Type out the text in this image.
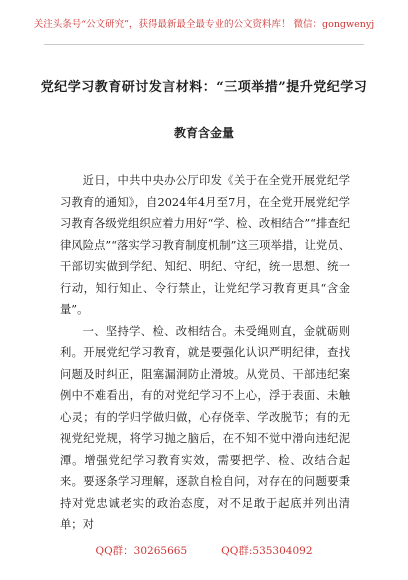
关注头条号“公文研究”，获得最新最全最专业的公文资料库！ 微信：gongwenyj
党纪学习教育研讨发言材料：“三项举措”提升党纪学习
教育含金量

近日，中共中央办公厅印发《关于在全党开展党纪学习教育的通知》，自2024年4月至7月，在全党开展党纪学习教育各级党组织应着力用好“学、检、改相结合”“排查纪律风险点”“落实学习教育制度机制”这三项举措，让党员、干部切实做到学纪、知纪、明纪、守纪，统一思想、统一行动，知行知止、令行禁止，让党纪学习教育更具“含金量”。

一、坚持学、检、改相结合。未受绳则直，金就砺则利。开展党纪学习教育，就是要强化认识严明纪律，查找问题及时纠正，阻塞漏洞防止滑坡。从党员、干部违纪案例中不难看出，有的对党纪学习不上心，浮于表面、未触心灵；有的学归学做归做，心存侥幸、学改脱节；有的无视党纪党规，将学习抛之脑后，在不知不觉中滑向违纪泥潭。增强党纪学习教育实效，需要把学、检、改结合起来。要逐条学习理解，逐款自检自问，对存在的问题要秉持对党忠诚老实的政治态度，对不足敢于起底并列出清单；对

QQ群：30265665	QQ群:535304092
